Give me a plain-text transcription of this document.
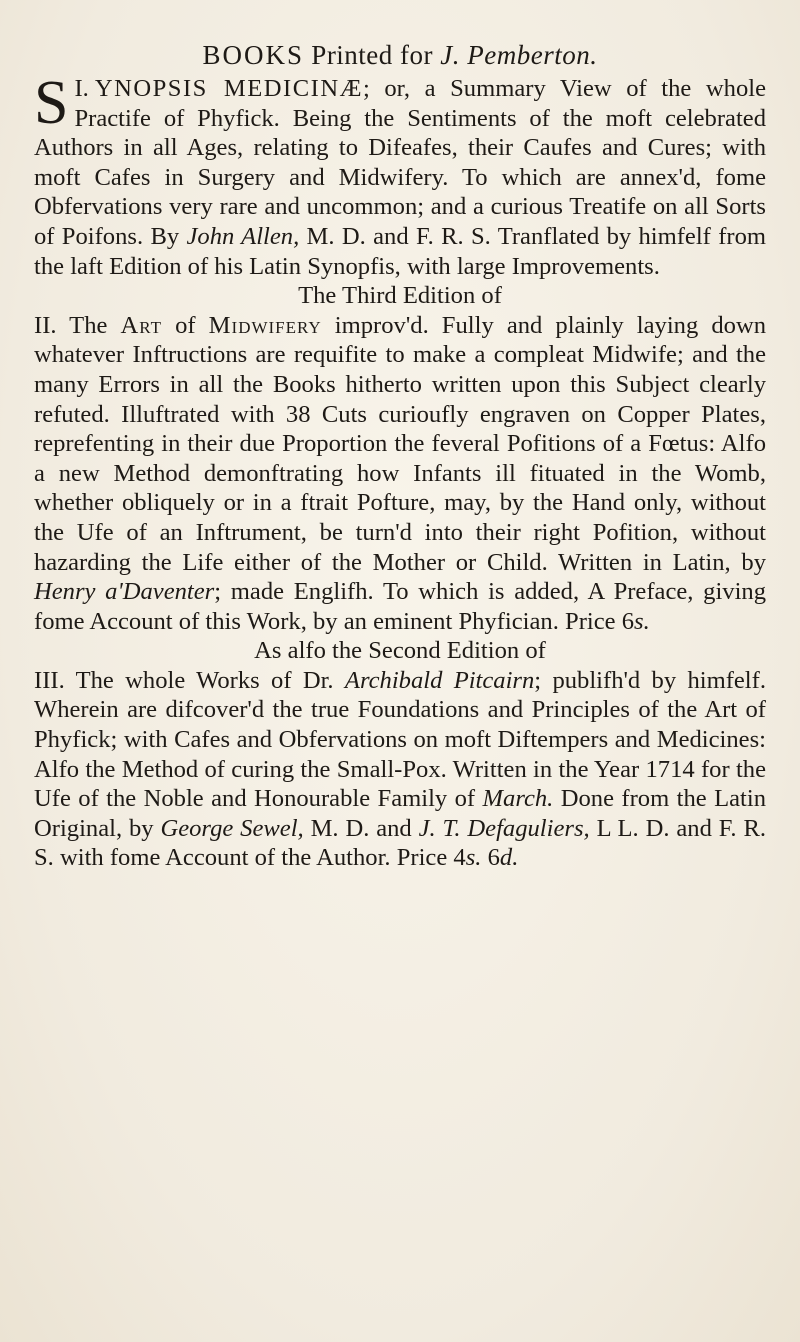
BOOKS Printed for J. Pemberton.

I.
S YNOPSIS MEDICINÆ; or, a Summary View of the whole Practife of Phyfick. Being the Sentiments of the moft celebrated Authors in all Ages, relating to Difeafes, their Caufes and Cures; with moft Cafes in Surgery and Midwifery. To which are annex'd, fome Obfervations very rare and uncommon; and a curious Treatife on all Sorts of Poifons. By John Allen, M. D. and F. R. S. Tranflated by himfelf from the laft Edition of his Latin Synopfis, with large Improvements.

The Third Edition of

II. The Art of Midwifery improv'd. Fully and plainly laying down whatever Inftructions are requifite to make a compleat Midwife; and the many Errors in all the Books hitherto written upon this Subject clearly refuted. Illuftrated with 38 Cuts curioufly engraven on Copper Plates, reprefenting in their due Proportion the feveral Pofitions of a Fœtus: Alfo a new Method demonftrating how Infants ill fituated in the Womb, whether obliquely or in a ftrait Pofture, may, by the Hand only, without the Ufe of an Inftrument, be turn'd into their right Pofition, without hazarding the Life either of the Mother or Child. Written in Latin, by Henry a'Daventer; made Englifh. To which is added, A Preface, giving fome Account of this Work, by an eminent Phyfician. Price 6s.

As alfo the Second Edition of

III. The whole Works of Dr. Archibald Pitcairn; publifh'd by himfelf. Wherein are difcover'd the true Foundations and Principles of the Art of Phyfick; with Cafes and Obfervations on moft Diftempers and Medicines: Alfo the Method of curing the Small-Pox. Written in the Year 1714 for the Ufe of the Noble and Honourable Family of March. Done from the Latin Original, by George Sewel, M. D. and J. T. Defaguliers, L L. D. and F. R. S. with fome Account of the Author. Price 4s. 6d.
